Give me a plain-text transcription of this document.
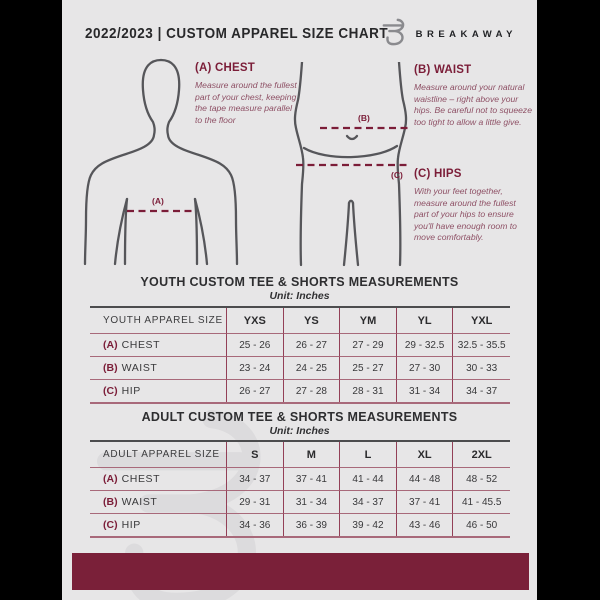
2022/2023 | CUSTOM APPAREL SIZE CHART	BREAKAWAY
(A)
(A) CHEST

Measure around the fullest part of your chest, keeping the tape measure parallel to the floor	(B)
(C)
(B) WAIST

Measure around your natural waistline – right above your hips. Be careful not to squeeze too tight to allow a little give.

(C) HIPS

With your feet together, measure around the fullest part of your hips to ensure you'll have enough room to move comfortably.

YOUTH CUSTOM TEE & SHORTS MEASUREMENTS
Unit: Inches
YOUTH APPAREL SIZE	YXS	YS	YM	YL	YXL
(A) CHEST	25 - 26	26 - 27	27 - 29	29 - 32.5	32.5 - 35.5
(B) WAIST	23 - 24	24 - 25	25 - 27	27 - 30	30 - 33
(C) HIP	26 - 27	27 - 28	28 - 31	31 - 34	34 - 37
ADULT CUSTOM TEE & SHORTS MEASUREMENTS
Unit: Inches
ADULT APPAREL SIZE	S	M	L	XL	2XL
(A) CHEST	34 - 37	37 - 41	41 - 44	44 - 48	48 - 52
(B) WAIST	29 - 31	31 - 34	34 - 37	37 - 41	41 - 45.5
(C) HIP	34 - 36	36 - 39	39 - 42	43 - 46	46 - 50
